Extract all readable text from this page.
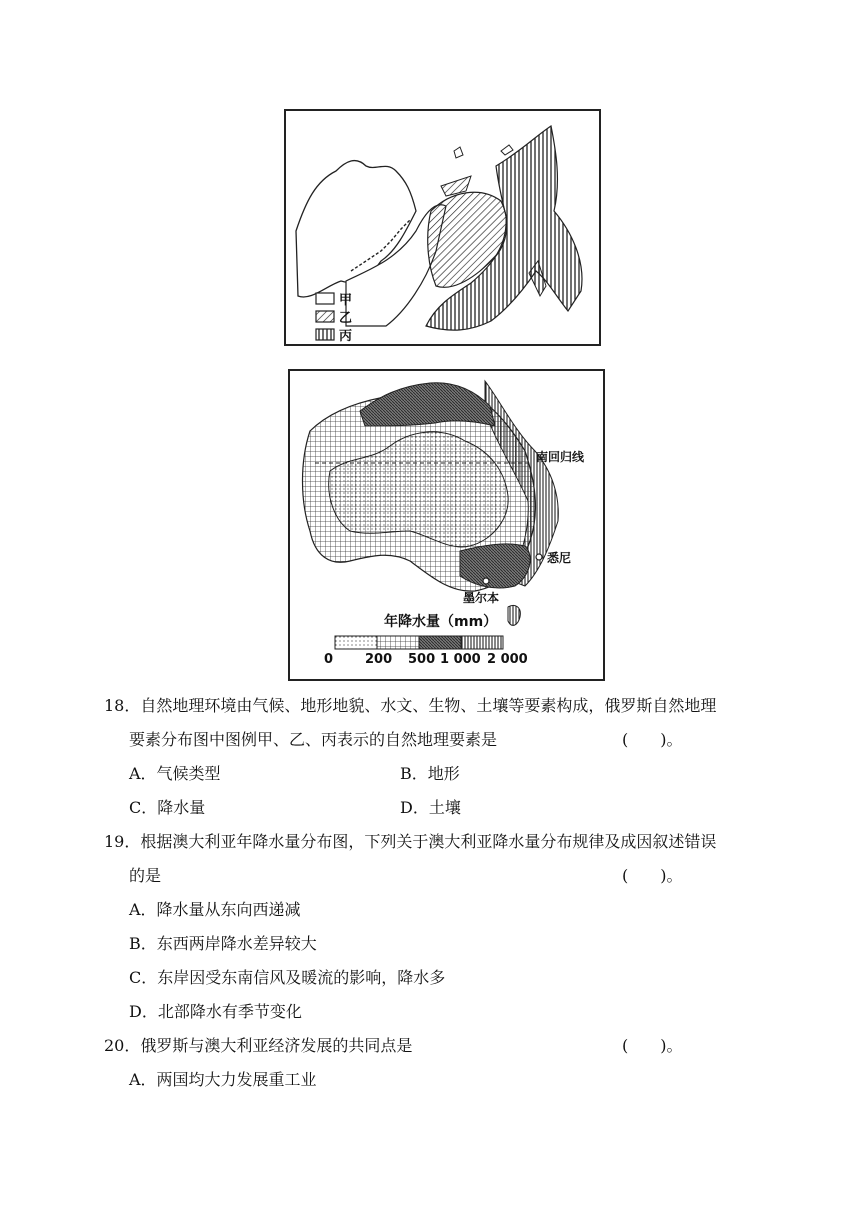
甲
乙
丙
南回归线
悉尼
墨尔本
年降水量（mm）
0 200 500 1 000 2 000
18．自然地理环境由气候、地形地貌、水文、生物、土壤等要素构成，俄罗斯自然地理
要素分布图中图例甲、乙、丙表示的自然地理要素是	(　　)。
A．气候类型	B．地形
C．降水量	D．土壤
19．根据澳大利亚年降水量分布图，下列关于澳大利亚降水量分布规律及成因叙述错误
的是	(　　)。
A．降水量从东向西递减
B．东西两岸降水差异较大
C．东岸因受东南信风及暖流的影响，降水多
D．北部降水有季节变化
20．俄罗斯与澳大利亚经济发展的共同点是	(　　)。
A．两国均大力发展重工业
